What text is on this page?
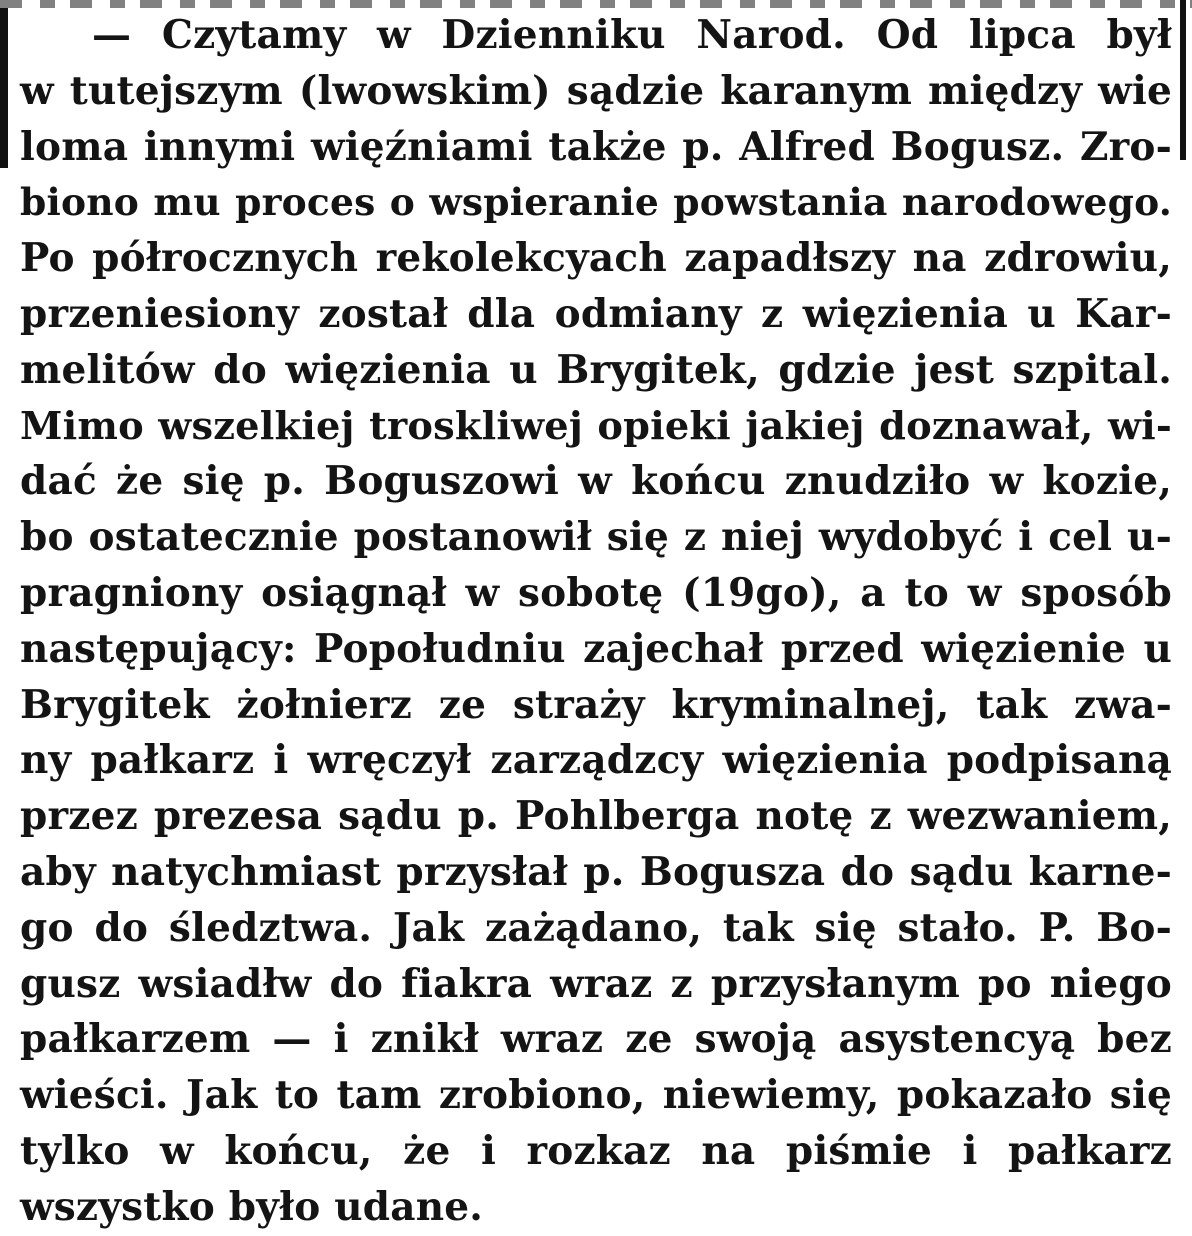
— Czytamy w Dzienniku Narod. Od lipca był
w tutejszym (lwowskim) sądzie karanym między wie
loma innymi więźniami także p. Alfred Bogusz. Zro-
biono mu proces o wspieranie powstania narodowego.
Po półrocznych rekolekcyach zapadłszy na zdrowiu,
przeniesiony został dla odmiany z więzienia u Kar-
melitów do więzienia u Brygitek, gdzie jest szpital.
Mimo wszelkiej troskliwej opieki jakiej doznawał, wi-
dać że się p. Boguszowi w końcu znudziło w kozie,
bo ostatecznie postanowił się z niej wydobyć i cel u-
pragniony osiągnął w sobotę (19go), a to w sposób
następujący: Popołudniu zajechał przed więzienie u
Brygitek żołnierz ze straży kryminalnej, tak zwa-
ny pałkarz i wręczył zarządzcy więzienia podpisaną
przez prezesa sądu p. Pohlberga notę z wezwaniem,
aby natychmiast przysłał p. Bogusza do sądu karne-
go do śledztwa. Jak zażądano, tak się stało. P. Bo-
gusz wsiadłw do fiakra wraz z przysłanym po niego
pałkarzem — i znikł wraz ze swoją asystencyą bez
wieści. Jak to tam zrobiono, niewiemy, pokazało się
tylko w końcu, że i rozkaz na piśmie i pałkarz
wszystko było udane.
